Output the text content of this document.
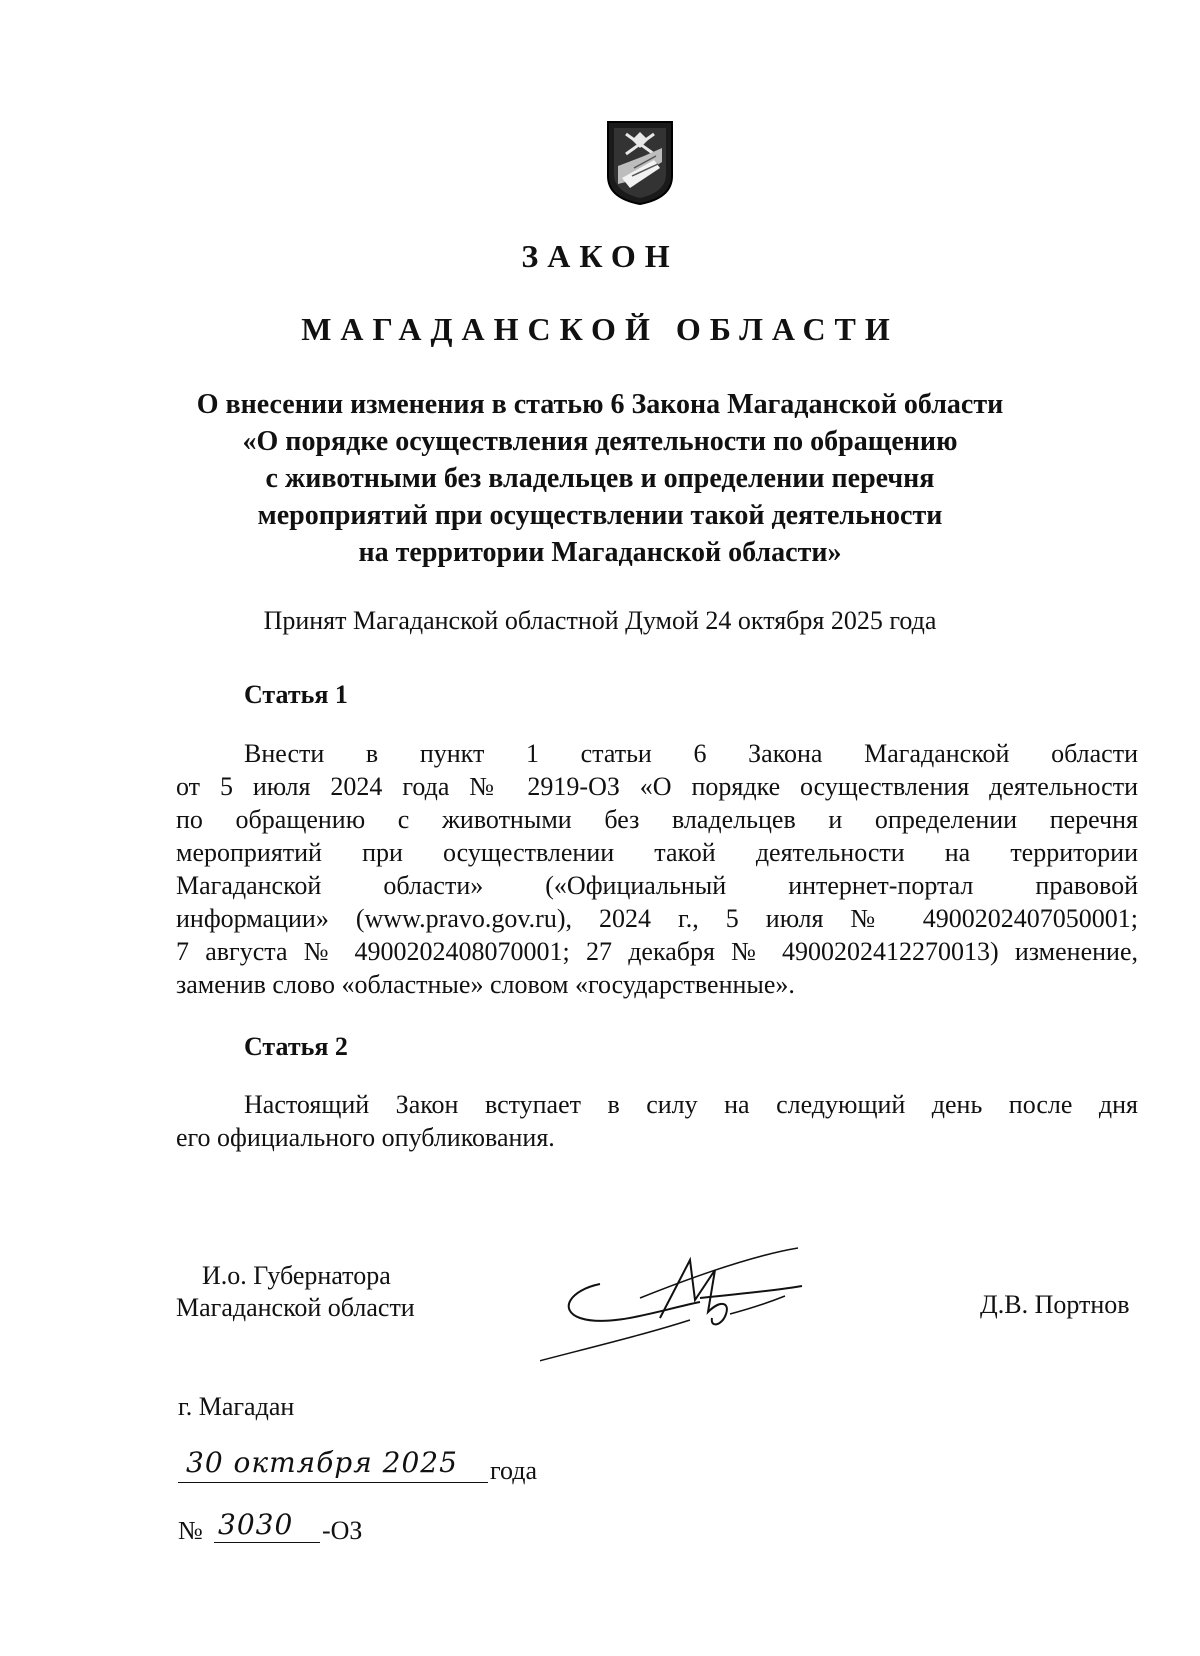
ЗАКОН
МАГАДАНСКОЙ ОБЛАСТИ
О внесении изменения в статью 6 Закона Магаданской области
«О порядке осуществления деятельности по обращению
с животными без владельцев и определении перечня
мероприятий при осуществлении такой деятельности
на территории Магаданской области»
Принят Магаданской областной Думой 24 октября 2025 года
Статья 1
Внести в пункт 1 статьи 6 Закона Магаданской области
от 5 июля 2024 года № 2919-ОЗ «О порядке осуществления деятельности
по обращению с животными без владельцев и определении перечня
мероприятий при осуществлении такой деятельности на территории
Магаданской области» («Официальный интернет-портал правовой
информации» (www.pravo.gov.ru), 2024 г., 5 июля № 4900202407050001;
7 августа № 4900202408070001; 27 декабря № 4900202412270013) изменение,
заменив слово «областные» словом «государственные».
Статья 2
Настоящий Закон вступает в силу на следующий день после дня
его официального опубликования.
И.о. Губернатора
Магаданской области	Д.В. Портнов
г. Магадан
30 октября 2025 года
№ 3030 -ОЗ
